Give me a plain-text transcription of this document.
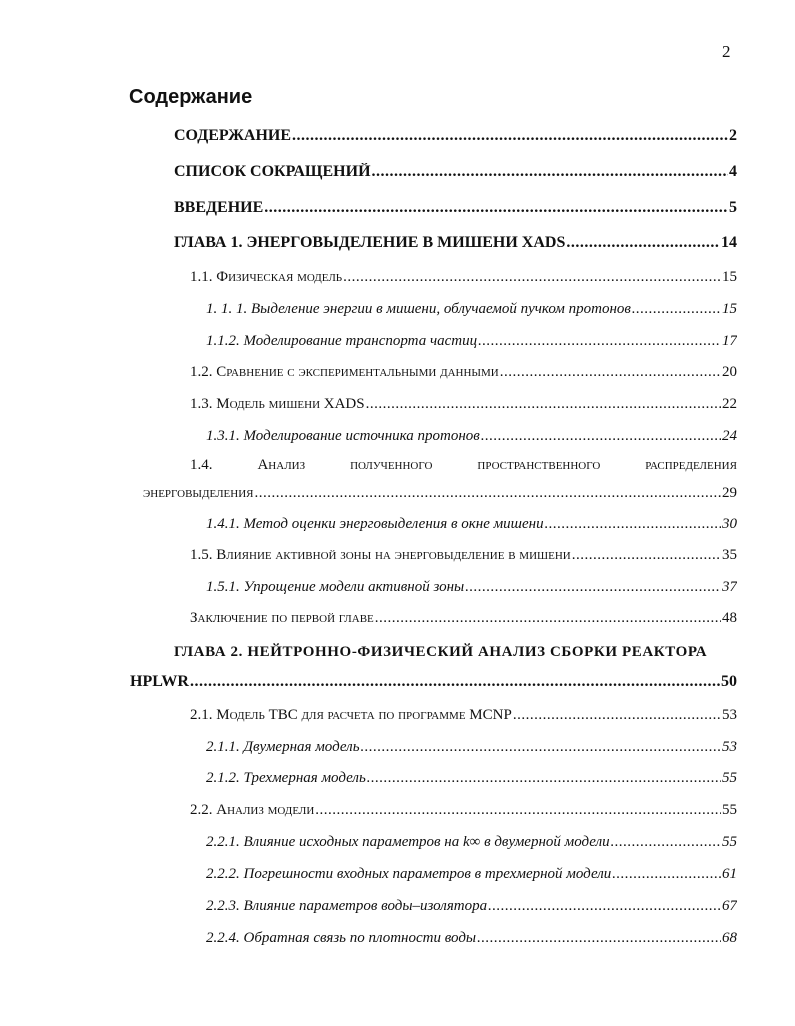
2
Содержание
СОДЕРЖАНИЕ .....	2
СПИСОК СОКРАЩЕНИЙ .....	4
ВВЕДЕНИЕ .....	5
ГЛАВА 1. ЭНЕРГОВЫДЕЛЕНИЕ В МИШЕНИ XADS .....	14
1.1. Физическая модель .....	15
1. 1. 1. Выделение энергии в мишени, облучаемой пучком протонов .....	15
1.1.2. Моделирование транспорта частиц .....	17
1.2. Сравнение с экспериментальными данными .....	20
1.3. Модель мишени XADS .....	22
1.3.1. Моделирование источника протонов .....	24
1.4.	Анализ	полученного	пространственного	распределения
энерговыделения .....	29
1.4.1. Метод оценки энерговыделения в окне мишени .....	30
1.5. Влияние активной зоны на энерговыделение в мишени .....	35
1.5.1. Упрощение модели активной зоны .....	37
Заключение по первой главе .....	48
ГЛАВА 2. НЕЙТРОННО-ФИЗИЧЕСКИЙ АНАЛИЗ СБОРКИ РЕАКТОРА
HPLWR .....	50
2.1. Модель ТВС для расчета по программе MCNP .....	53
2.1.1. Двумерная модель .....	53
2.1.2. Трехмерная модель .....	55
2.2. Анализ модели .....	55
2.2.1. Влияние исходных параметров на k∞ в двумерной модели .....	55
2.2.2. Погрешности входных параметров в трехмерной модели .....	61
2.2.3. Влияние параметров воды–изолятора .....	67
2.2.4. Обратная связь по плотности воды .....	68
